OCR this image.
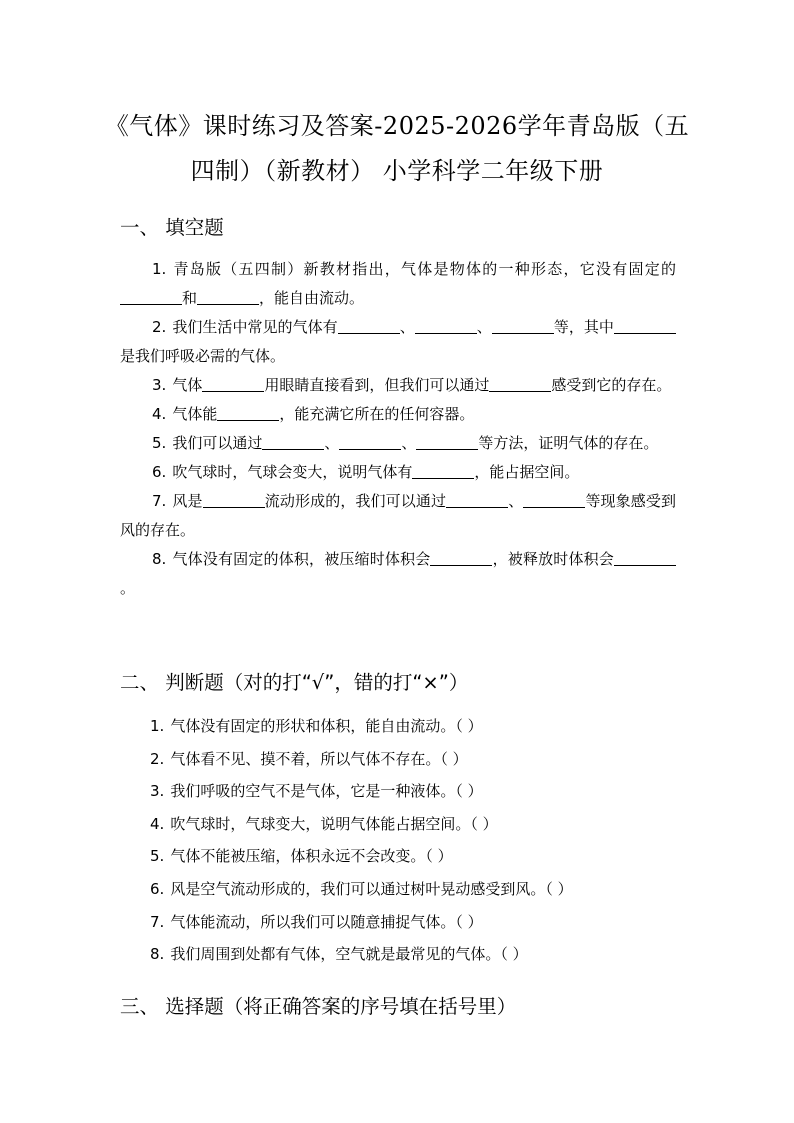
《气体》课时练习及答案-2025-2026学年青岛版（五四制）（新教材） 小学科学二年级下册
一、 填空题
1. 青岛版（五四制）新教材指出，气体是物体的一种形态，它没有固定的和	，能自由流动。
2. 我们生活中常见的气体有	、	、	等，其中是我们呼吸必需的气体。
3. 气体	用眼睛直接看到，但我们可以通过	感受到它的存在。
4. 气体能	，能充满它所在的任何容器。
5. 我们可以通过	、	、	等方法，证明气体的存在。
6. 吹气球时，气球会变大，说明气体有	，能占据空间。
7. 风是	流动形成的，我们可以通过	、	等现象感受到风的存在。
8. 气体没有固定的体积，被压缩时体积会	，被释放时体积会。
二、 判断题（对的打“√”，错的打“×”）
1. 气体没有固定的形状和体积，能自由流动。（ ）
2. 气体看不见、摸不着，所以气体不存在。（ ）
3. 我们呼吸的空气不是气体，它是一种液体。（ ）
4. 吹气球时，气球变大，说明气体能占据空间。（ ）
5. 气体不能被压缩，体积永远不会改变。（ ）
6. 风是空气流动形成的，我们可以通过树叶晃动感受到风。（ ）
7. 气体能流动，所以我们可以随意捕捉气体。（ ）
8. 我们周围到处都有气体，空气就是最常见的气体。（ ）
三、 选择题（将正确答案的序号填在括号里）
